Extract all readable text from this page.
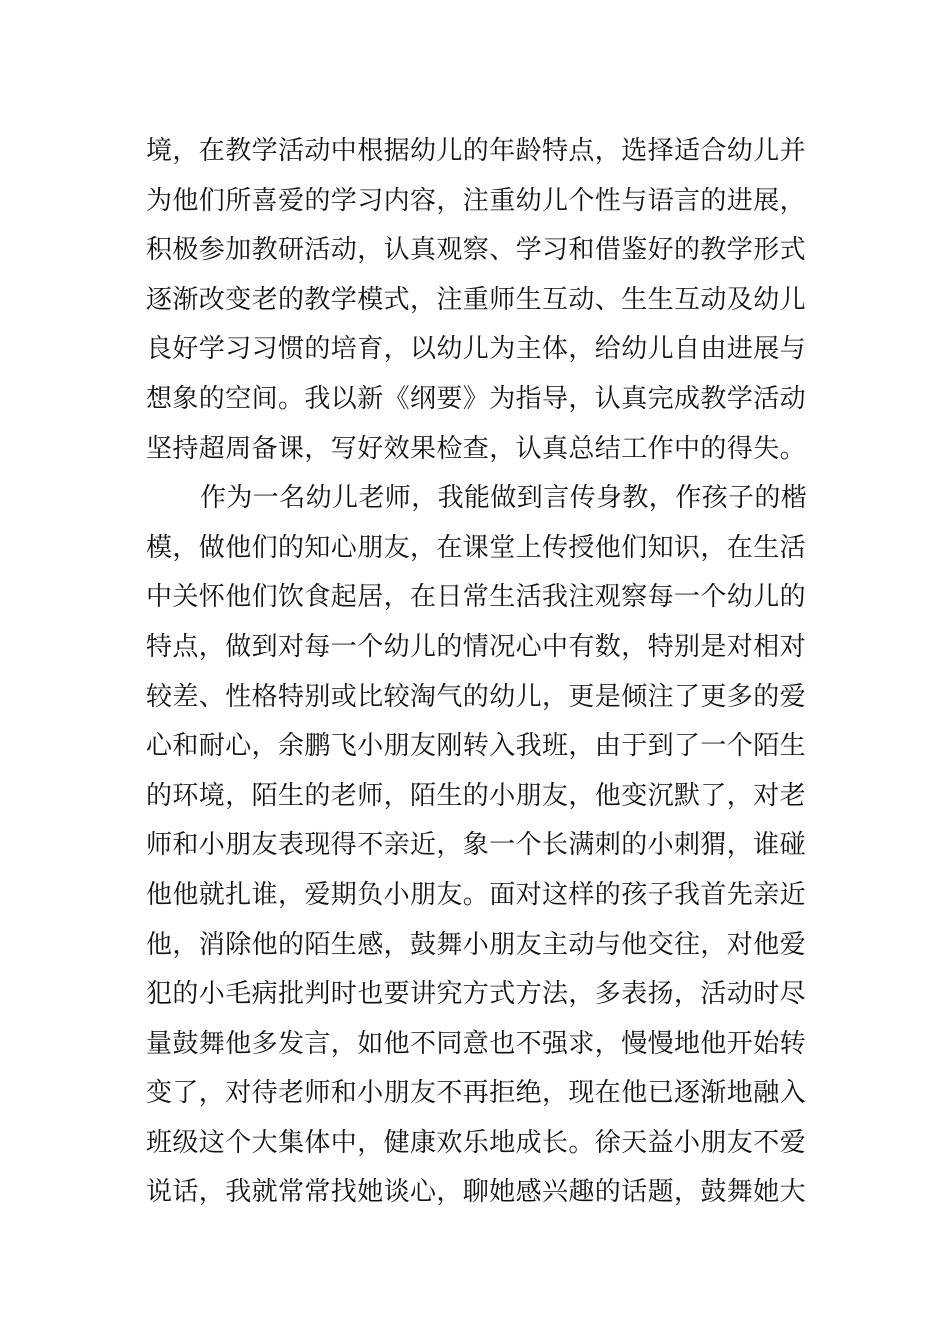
境，在教学活动中根据幼儿的年龄特点，选择适合幼儿并
为他们所喜爱的学习内容，注重幼儿个性与语言的进展，
积极参加教研活动，认真观察、学习和借鉴好的教学形式
逐渐改变老的教学模式，注重师生互动、生生互动及幼儿
良好学习习惯的培育，以幼儿为主体，给幼儿自由进展与
想象的空间。我以新《纲要》为指导，认真完成教学活动
坚持超周备课，写好效果检查，认真总结工作中的得失。
作为一名幼儿老师，我能做到言传身教，作孩子的楷
模，做他们的知心朋友，在课堂上传授他们知识，在生活
中关怀他们饮食起居，在日常生活我注观察每一个幼儿的
特点，做到对每一个幼儿的情况心中有数，特别是对相对
较差、性格特别或比较淘气的幼儿，更是倾注了更多的爱
心和耐心，余鹏飞小朋友刚转入我班，由于到了一个陌生
的环境，陌生的老师，陌生的小朋友，他变沉默了，对老
师和小朋友表现得不亲近，象一个长满刺的小刺猬，谁碰
他他就扎谁，爱期负小朋友。面对这样的孩子我首先亲近
他，消除他的陌生感，鼓舞小朋友主动与他交往，对他爱
犯的小毛病批判时也要讲究方式方法，多表扬，活动时尽
量鼓舞他多发言，如他不同意也不强求，慢慢地他开始转
变了，对待老师和小朋友不再拒绝，现在他已逐渐地融入
班级这个大集体中，健康欢乐地成长。徐天益小朋友不爱
说话，我就常常找她谈心，聊她感兴趣的话题，鼓舞她大
